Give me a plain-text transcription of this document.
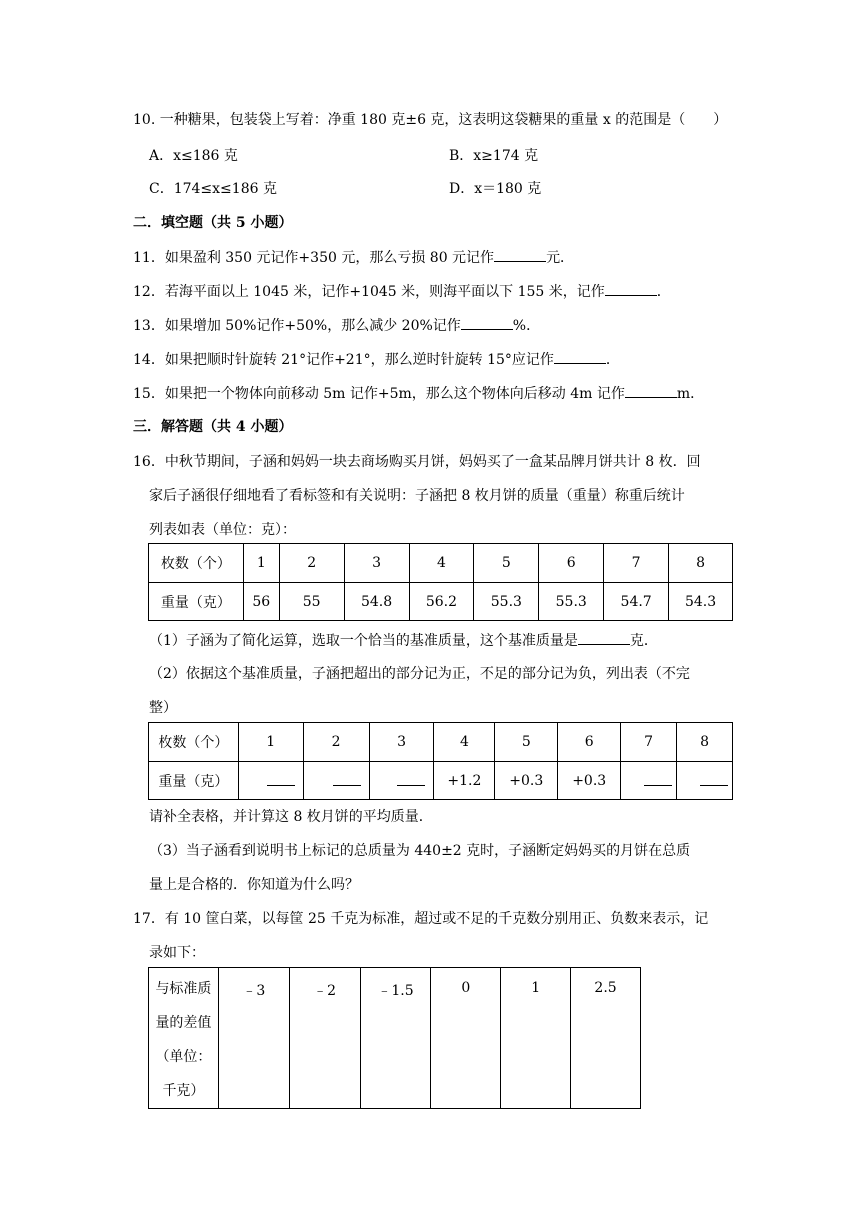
10. 一种糖果，包装袋上写着：净重 180 克±6 克，这表明这袋糖果的重量 x 的范围是（　　）
A．x≤186 克	B．x≥174 克
C．174≤x≤186 克	D．x＝180 克
二．填空题（共 5 小题）
11．如果盈利 350 元记作+350 元，那么亏损 80 元记作	元．
12．若海平面以上 1045 米，记作+1045 米，则海平面以下 155 米，记作	．
13．如果增加 50%记作+50%，那么减少 20%记作	%．
14．如果把顺时针旋转 21°记作+21°，那么逆时针旋转 15°应记作	．
15．如果把一个物体向前移动 5m 记作+5m，那么这个物体向后移动 4m 记作	m．
三．解答题（共 4 小题）
16．中秋节期间，子涵和妈妈一块去商场购买月饼，妈妈买了一盒某品牌月饼共计 8 枚．回
家后子涵很仔细地看了看标签和有关说明：子涵把 8 枚月饼的质量（重量）称重后统计
列表如表（单位：克）：
枚数（个）	1	2	3	4	5	6	7	8
重量（克）	56	55	54.8	56.2	55.3	55.3	54.7	54.3
（1）子涵为了简化运算，选取一个恰当的基准质量，这个基准质量是	克．
（2）依据这个基准质量，子涵把超出的部分记为正，不足的部分记为负，列出表（不完
整）
枚数（个）	1	2	3	4	5	6	7	8
重量（克）				+1.2	+0.3	+0.3		
请补全表格，并计算这 8 枚月饼的平均质量．
（3）当子涵看到说明书上标记的总质量为 440±2 克时，子涵断定妈妈买的月饼在总质
量上是合格的．你知道为什么吗？
17．有 10 筐白菜，以每筐 25 千克为标准，超过或不足的千克数分别用正、负数来表示，记
录如下：
与标准质
量的差值
（单位：
千克）
	﹣3	﹣2	﹣1.5	0	1	2.5
